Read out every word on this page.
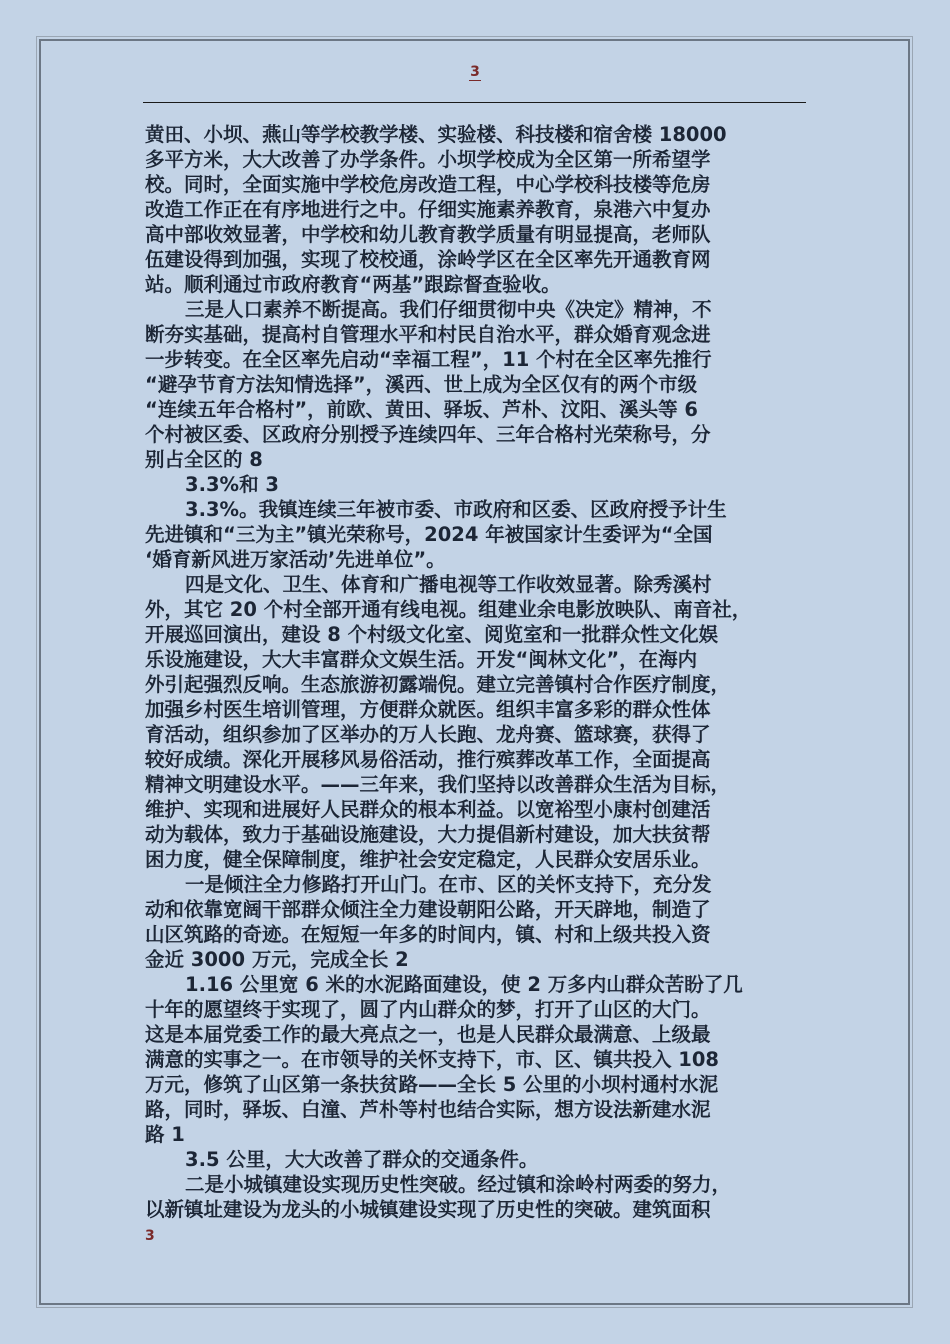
3
黄田、小坝、燕山等学校教学楼、实验楼、科技楼和宿舍楼 18000
多平方米，大大改善了办学条件。小坝学校成为全区第一所希望学
校。同时，全面实施中学校危房改造工程，中心学校科技楼等危房
改造工作正在有序地进行之中。仔细实施素养教育，泉港六中复办
高中部收效显著，中学校和幼儿教育教学质量有明显提高，老师队
伍建设得到加强，实现了校校通，涂岭学区在全区率先开通教育网
站。顺利通过市政府教育“两基”跟踪督查验收。
三是人口素养不断提高。我们仔细贯彻中央《决定》精神，不
断夯实基础，提高村自管理水平和村民自治水平，群众婚育观念进
一步转变。在全区率先启动“幸福工程”，11 个村在全区率先推行
“避孕节育方法知情选择”，溪西、世上成为全区仅有的两个市级
“连续五年合格村”，前欧、黄田、驿坂、芦朴、汶阳、溪头等 6
个村被区委、区政府分别授予连续四年、三年合格村光荣称号，分
别占全区的 8
3.3%和 3
3.3%。我镇连续三年被市委、市政府和区委、区政府授予计生
先进镇和“三为主”镇光荣称号，2024 年被国家计生委评为“全国
‘婚育新风进万家活动’先进单位”。
四是文化、卫生、体育和广播电视等工作收效显著。除秀溪村
外，其它 20 个村全部开通有线电视。组建业余电影放映队、南音社，
开展巡回演出，建设 8 个村级文化室、阅览室和一批群众性文化娱
乐设施建设，大大丰富群众文娱生活。开发“闽林文化”，在海内
外引起强烈反响。生态旅游初露端倪。建立完善镇村合作医疗制度，
加强乡村医生培训管理，方便群众就医。组织丰富多彩的群众性体
育活动，组织参加了区举办的万人长跑、龙舟赛、篮球赛，获得了
较好成绩。深化开展移风易俗活动，推行殡葬改革工作，全面提高
精神文明建设水平。——三年来，我们坚持以改善群众生活为目标，
维护、实现和进展好人民群众的根本利益。以宽裕型小康村创建活
动为载体，致力于基础设施建设，大力提倡新村建设，加大扶贫帮
困力度，健全保障制度，维护社会安定稳定，人民群众安居乐业。
一是倾注全力修路打开山门。在市、区的关怀支持下，充分发
动和依靠宽阔干部群众倾注全力建设朝阳公路，开天辟地，制造了
山区筑路的奇迹。在短短一年多的时间内，镇、村和上级共投入资
金近 3000 万元，完成全长 2
1.16 公里宽 6 米的水泥路面建设，使 2 万多内山群众苦盼了几
十年的愿望终于实现了，圆了内山群众的梦，打开了山区的大门。
这是本届党委工作的最大亮点之一，也是人民群众最满意、上级最
满意的实事之一。在市领导的关怀支持下，市、区、镇共投入 108
万元，修筑了山区第一条扶贫路——全长 5 公里的小坝村通村水泥
路，同时，驿坂、白潼、芦朴等村也结合实际，想方设法新建水泥
路 1
3.5 公里，大大改善了群众的交通条件。
二是小城镇建设实现历史性突破。经过镇和涂岭村两委的努力，
以新镇址建设为龙头的小城镇建设实现了历史性的突破。建筑面积
3
